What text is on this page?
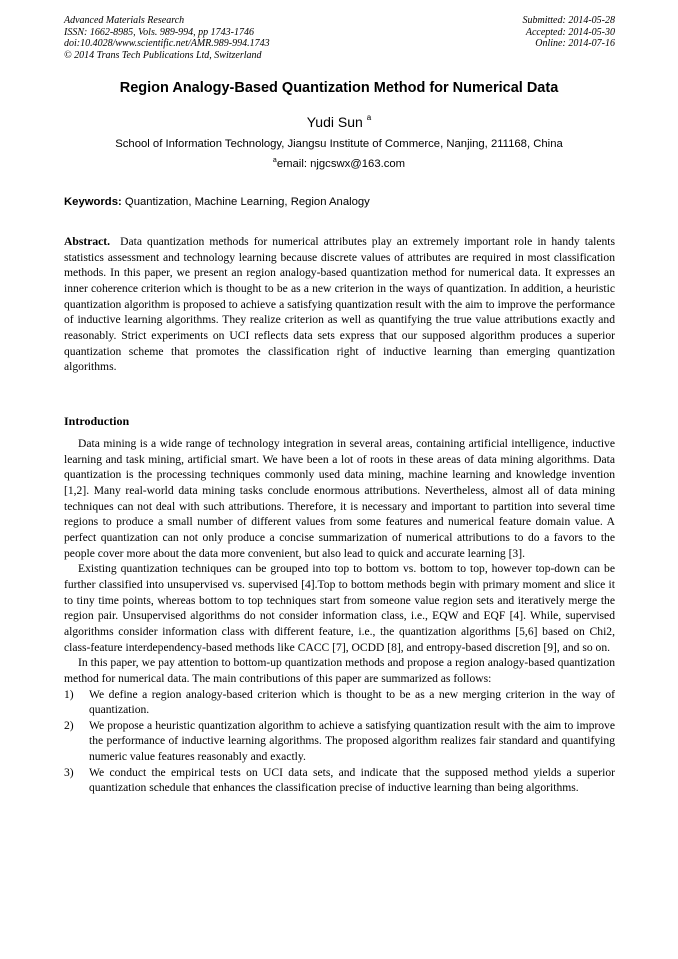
Advanced Materials Research
ISSN: 1662-8985, Vols. 989-994, pp 1743-1746
doi:10.4028/www.scientific.net/AMR.989-994.1743
© 2014 Trans Tech Publications Ltd, Switzerland
Submitted: 2014-05-28
Accepted: 2014-05-30
Online: 2014-07-16
Region Analogy-Based Quantization Method for Numerical Data
Yudi Sun $^a$
School of Information Technology, Jiangsu Institute of Commerce, Nanjing, 211168, China
$^a$email: njgcswx@163.com
Keywords: Quantization, Machine Learning, Region Analogy
Abstract. Data quantization methods for numerical attributes play an extremely important role in handy talents statistics assessment and technology learning because discrete values of attributes are required in most classification methods. In this paper, we present an region analogy-based quantization method for numerical data. It expresses an inner coherence criterion which is thought to be as a new criterion in the ways of quantization. In addition, a heuristic quantization algorithm is proposed to achieve a satisfying quantization result with the aim to improve the performance of inductive learning algorithms. They realize criterion as well as quantifying the true value attributions exactly and reasonably. Strict experiments on UCI reflects data sets express that our supposed algorithm produces a superior quantization scheme that promotes the classification right of inductive learning than emerging quantization algorithms.
Introduction

Data mining is a wide range of technology integration in several areas, containing artificial intelligence, inductive learning and task mining, artificial smart. We have been a lot of roots in these areas of data mining algorithms. Data quantization is the processing techniques commonly used data mining, machine learning and knowledge invention [1,2]. Many real-world data mining tasks conclude enormous attributions. Nevertheless, almost all of data mining techniques can not deal with such attributions. Therefore, it is necessary and important to partition into several time regions to produce a small number of different values from some features and numerical feature domain value. A perfect quantization can not only produce a concise summarization of numerical attributions to do a favors to the people cover more about the data more convenient, but also lead to quick and accurate learning [3].

Existing quantization techniques can be grouped into top to bottom vs. bottom to top, however top-down can be further classified into unsupervised vs. supervised [4].Top to bottom methods begin with primary moment and slice it to tiny time points, whereas bottom to top techniques start from someone value region sets and iteratively merge the region pair. Unsupervised algorithms do not consider information class, i.e., EQW and EQF [4]. While, supervised algorithms consider information class with different feature, i.e., the quantization algorithms [5,6] based on Chi2, class-feature interdependency-based methods like CACC [7], OCDD [8], and entropy-based discretion [9], and so on.

In this paper, we pay attention to bottom-up quantization methods and propose a region analogy-based quantization method for numerical data. The main contributions of this paper are summarized as follows:

1) We define a region analogy-based criterion which is thought to be as a new merging criterion in the way of quantization.
2) We propose a heuristic quantization algorithm to achieve a satisfying quantization result with the aim to improve the performance of inductive learning algorithms. The proposed algorithm realizes fair standard and quantifying numeric value features reasonably and exactly.
3) We conduct the empirical tests on UCI data sets, and indicate that the supposed method yields a superior quantization schedule that enhances the classification precise of inductive learning than being algorithms.
